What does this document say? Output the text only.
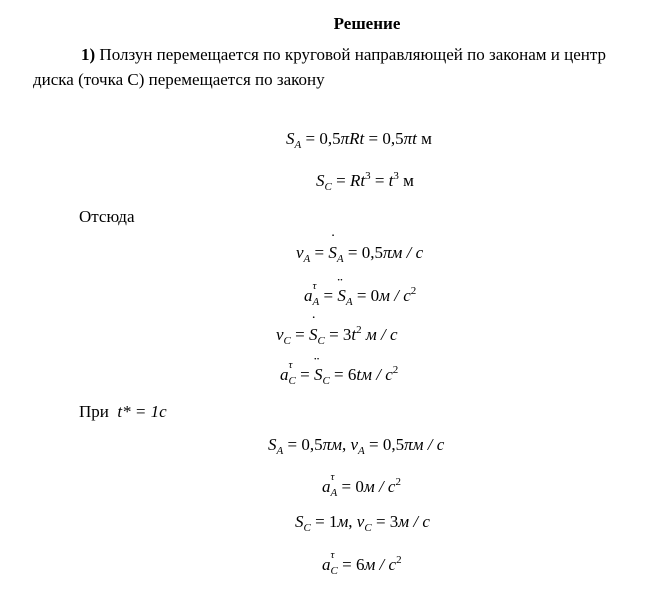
Решение
1) Ползун перемещается по круговой направляющей по законам и центр
диска (точка С) перемещается по закону
$S_A = 0,5\pi Rt = 0,5\pi t$ м
$S_C = Rt^3 = t^3$ м
Отсюда
$v_A = S$ $˙_A = 0,5\pi м / с$
a τ
$_A$ = S $¨_A = 0м / с^2$
$v_C = S$ $˙_C = 3t^2$ м / с
a τ
$_C$ = S $¨_C = 6tм / с^2$
При t* = 1с
$S_A = 0,5\pi м$, $v_A = 0,5\pi м / с$
a τ
$_A = 0м / с^2$
$S_C = 1м$, $v_C = 3м / с$
a τ
$_C = 6м / с^2$
